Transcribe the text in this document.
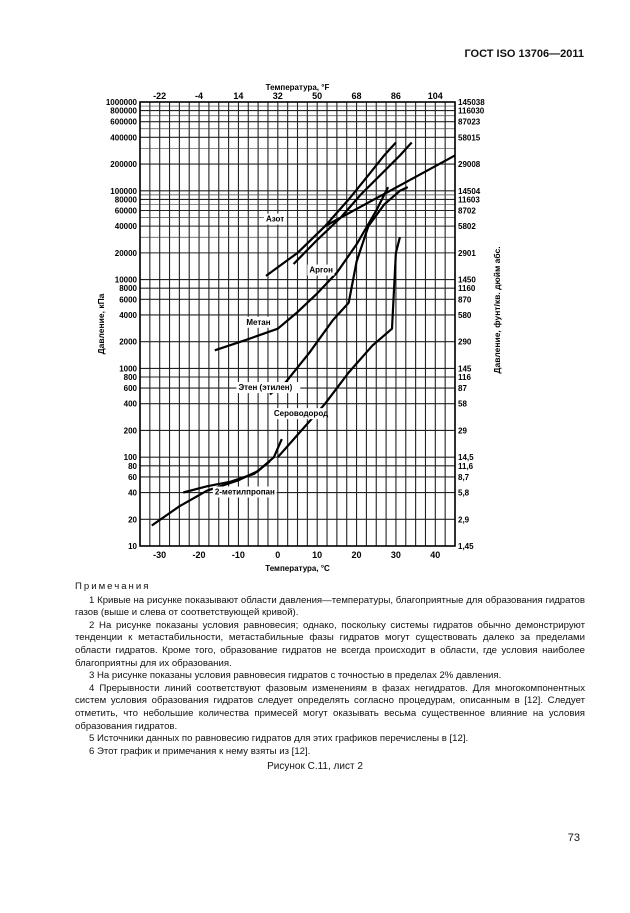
ГОСТ ISO 13706—2011
-30	-20	-10	0	10	20	30	40
-22	-4	14	32	50	68	86	104
10
20
40
60
80
100
200
400
600
800
1000
2000
4000
6000
8000
10000
20000
40000
60000
80000
100000
200000
400000
600000
800000
1000000
1,45
2,9
5,8
8,7
11,6
14,5
29
58
87
116
145
290
580
870
1160
1450
2901
5802
8702
11603
14504
29008
58015
87023
116030
145038
Температура, °F
Температура, °С
Давление, кПа	Давление, фунт/кв. дюйм абс.
Азот
Аргон
Метан
Этен (этилен)
Сероводород
2-метилпропан
Примечания

1 Кривые на рисунке показывают области давления—температуры, благоприятные для образования гидратов газов (выше и слева от соответствующей кривой).

2 На рисунке показаны условия равновесия; однако, поскольку системы гидратов обычно демонстрируют тенденции к метастабильности, метастабильные фазы гидратов могут существовать далеко за пределами области гидратов. Кроме того, образование гидратов не всегда происходит в области, где условия наиболее благоприятны для их образования.

3 На рисунке показаны условия равновесия гидратов с точностью в пределах 2% давления.

4 Прерывности линий соответствуют фазовым изменениям в фазах негидратов. Для многокомпонентных систем условия образования гидратов следует определять согласно процедурам, описанным в [12]. Следует отметить, что небольшие количества примесей могут оказывать весьма существенное влияние на условия образования гидратов.

5 Источники данных по равновесию гидратов для этих графиков перечислены в [12].

6 Этот график и примечания к нему взяты из [12].

Рисунок С.11, лист 2
73
